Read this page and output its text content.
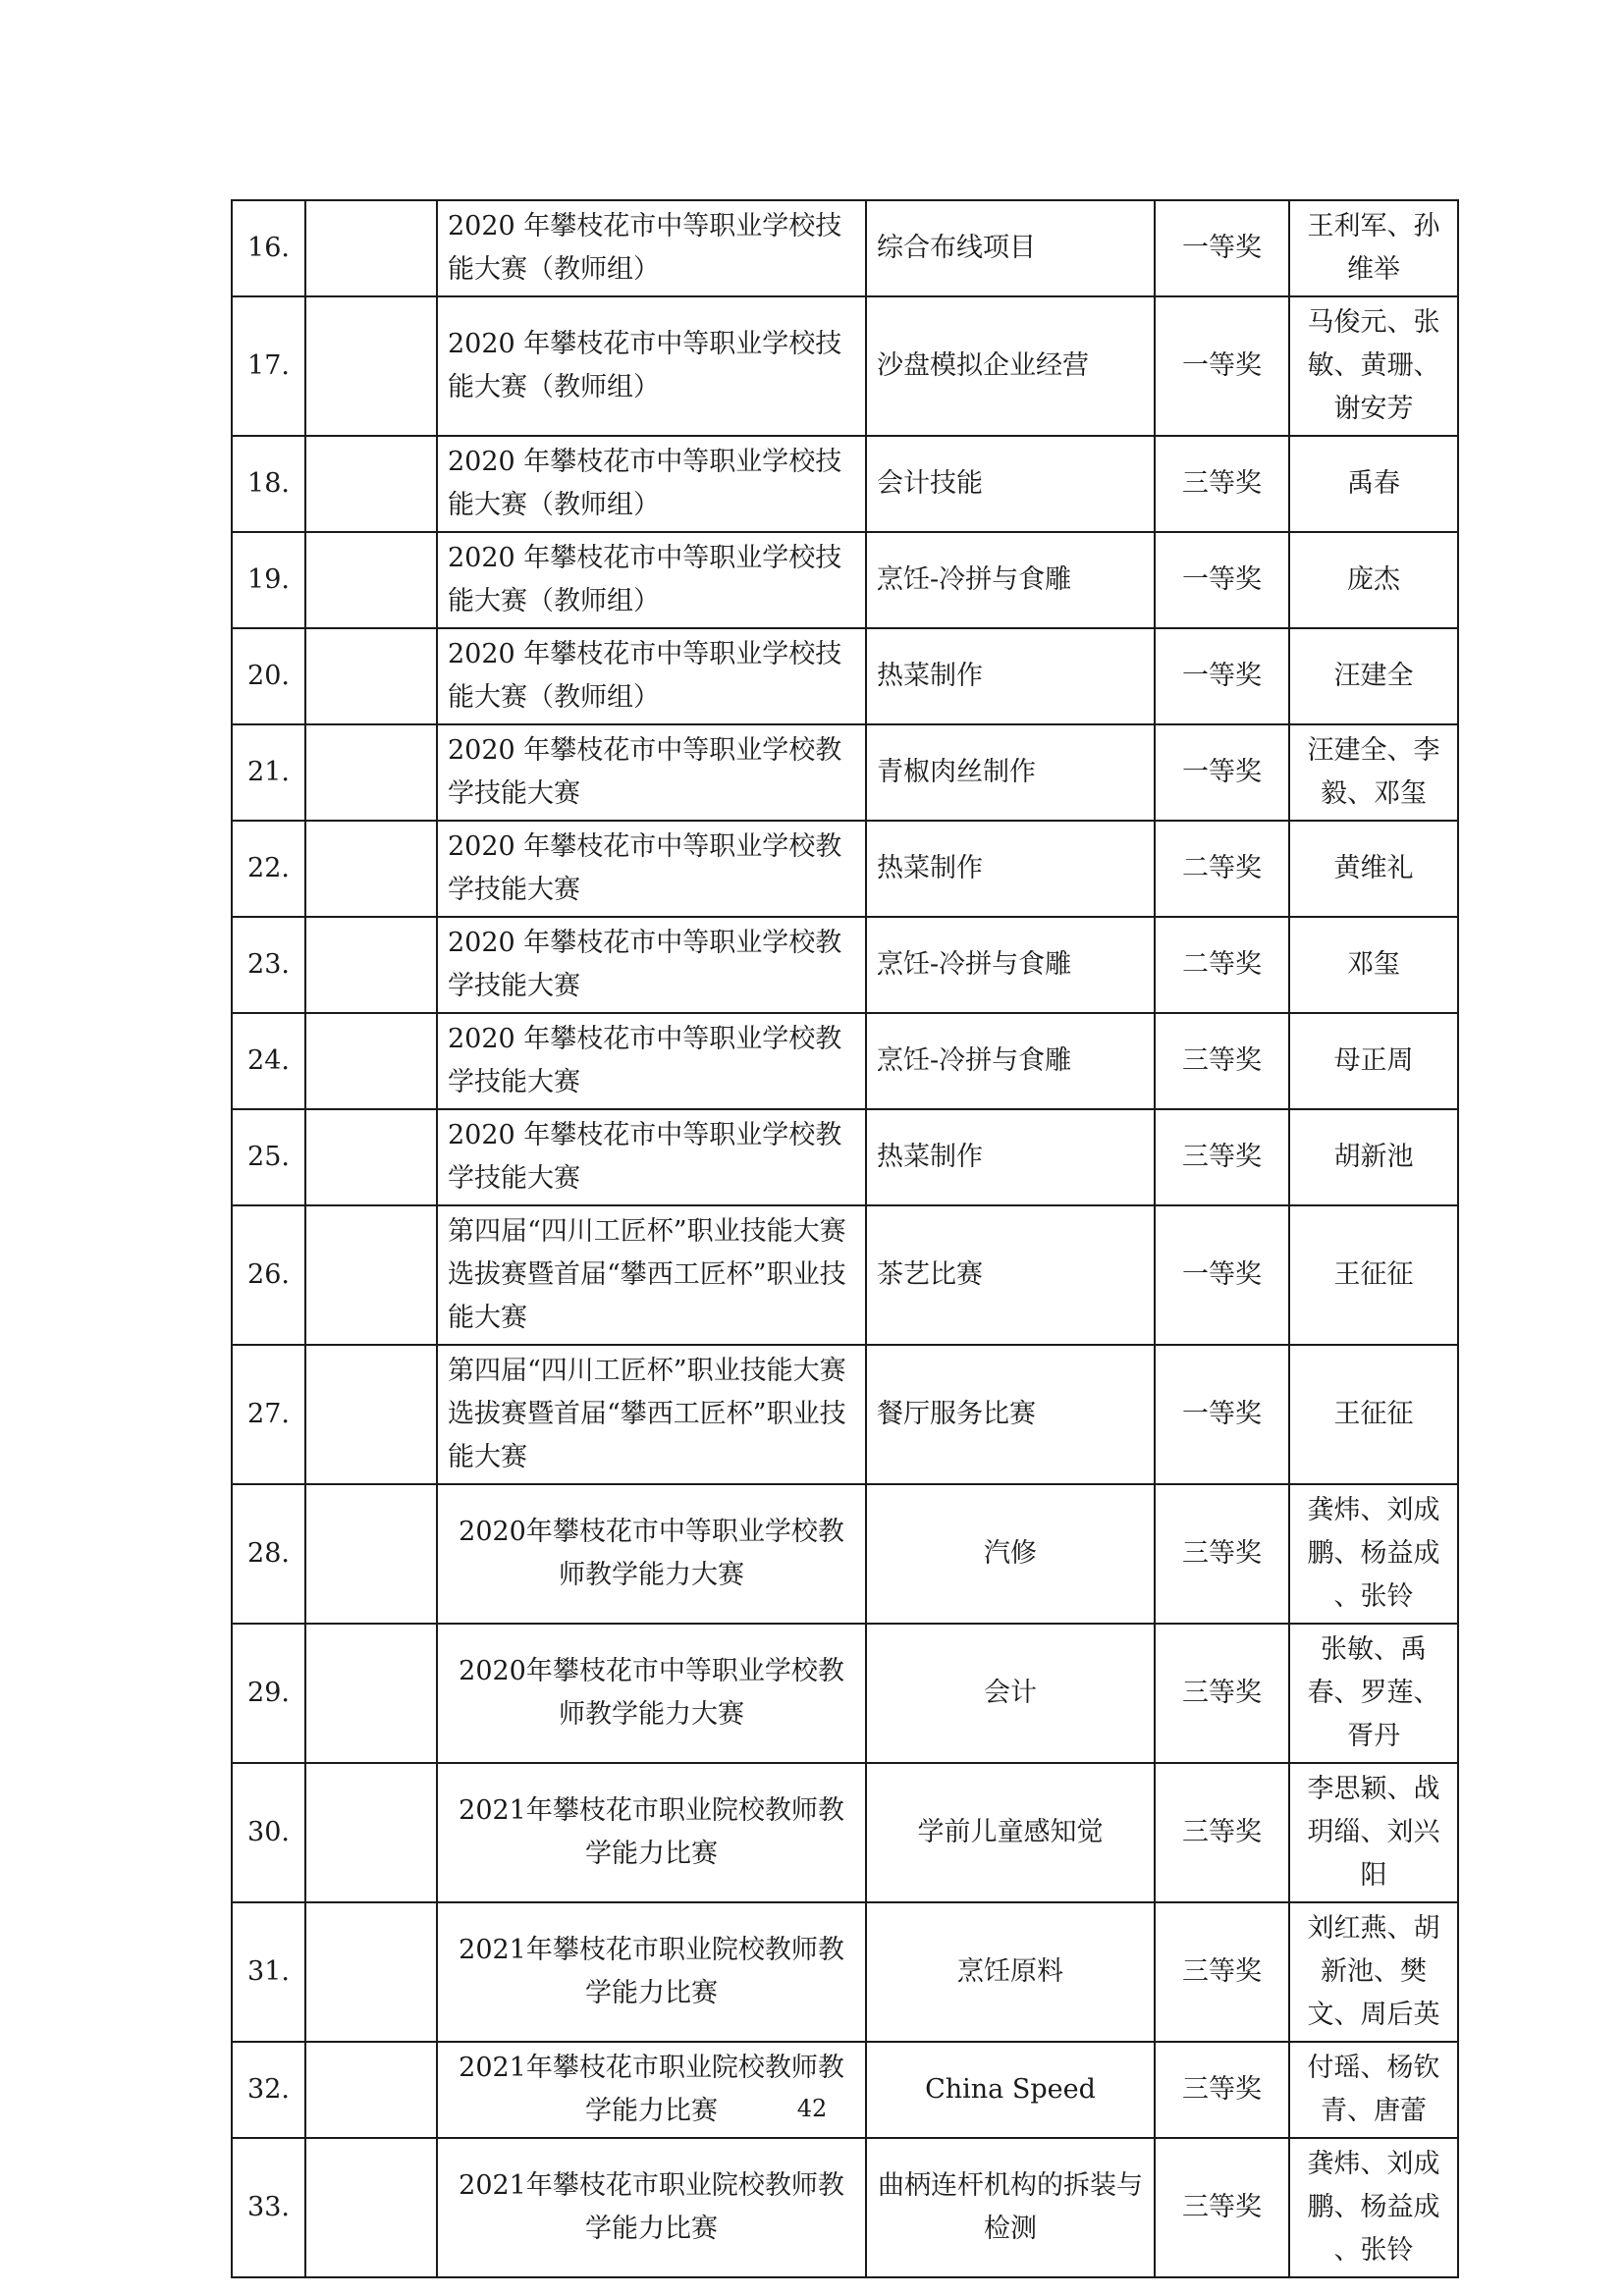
16.		2020 年攀枝花市中等职业学校技能大赛（教师组）	综合布线项目	一等奖	王利军、孙维举
17.		2020 年攀枝花市中等职业学校技能大赛（教师组）	沙盘模拟企业经营	一等奖	马俊元、张敏、黄珊、谢安芳
18.		2020 年攀枝花市中等职业学校技能大赛（教师组）	会计技能	三等奖	禹春
19.		2020 年攀枝花市中等职业学校技能大赛（教师组）	烹饪-冷拼与食雕	一等奖	庞杰
20.		2020 年攀枝花市中等职业学校技能大赛（教师组）	热菜制作	一等奖	汪建全
21.		2020 年攀枝花市中等职业学校教学技能大赛	青椒肉丝制作	一等奖	汪建全、李毅、邓玺
22.		2020 年攀枝花市中等职业学校教学技能大赛	热菜制作	二等奖	黄维礼
23.		2020 年攀枝花市中等职业学校教学技能大赛	烹饪-冷拼与食雕	二等奖	邓玺
24.		2020 年攀枝花市中等职业学校教学技能大赛	烹饪-冷拼与食雕	三等奖	母正周
25.		2020 年攀枝花市中等职业学校教学技能大赛	热菜制作	三等奖	胡新池
26.		第四届“四川工匠杯”职业技能大赛选拔赛暨首届“攀西工匠杯”职业技能大赛	茶艺比赛	一等奖	王征征
27.		第四届“四川工匠杯”职业技能大赛选拔赛暨首届“攀西工匠杯”职业技能大赛	餐厅服务比赛	一等奖	王征征
28.		2020年攀枝花市中等职业学校教师教学能力大赛	汽修	三等奖	龚炜、刘成鹏、杨益成 、张铃
29.		2020年攀枝花市中等职业学校教师教学能力大赛	会计	三等奖	张敏、禹春、罗莲、胥丹
30.		2021年攀枝花市职业院校教师教学能力比赛	学前儿童感知觉	三等奖	李思颖、战玥缁、刘兴阳
31.		2021年攀枝花市职业院校教师教学能力比赛	烹饪原料	三等奖	刘红燕、胡新池、樊文、周后英
32.		2021年攀枝花市职业院校教师教学能力比赛	China Speed	三等奖	付瑶、杨钦青、唐蕾
33.		2021年攀枝花市职业院校教师教学能力比赛	曲柄连杆机构的拆装与检测	三等奖	龚炜、刘成鹏、杨益成 、张铃
42
